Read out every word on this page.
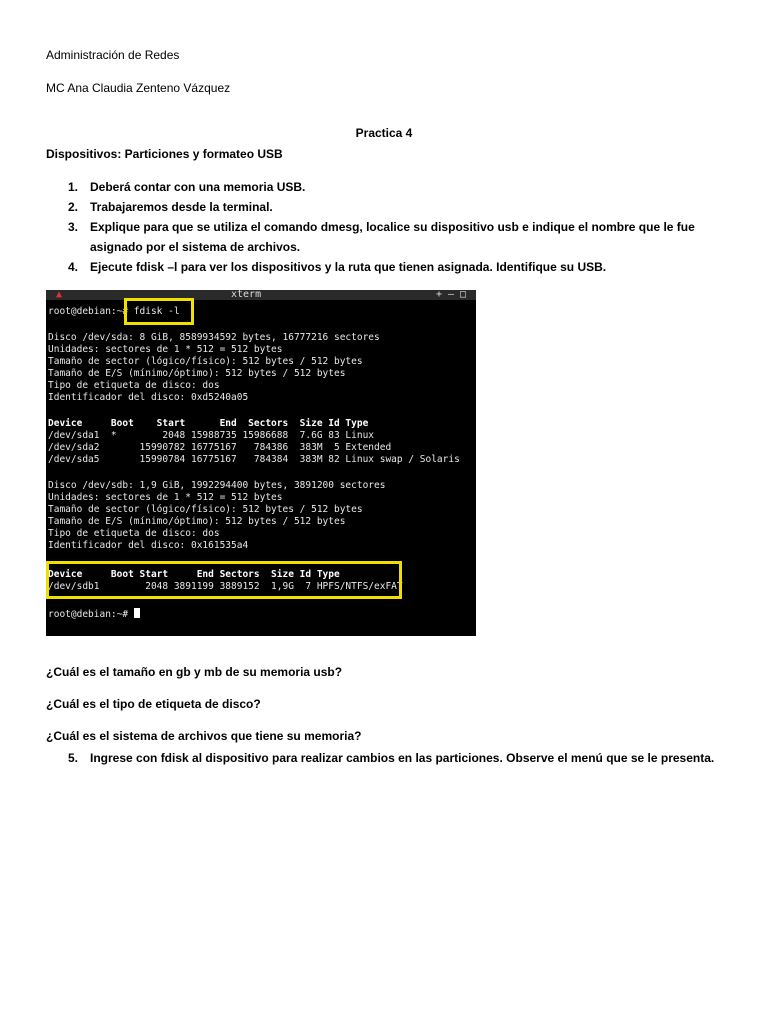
Administración de Redes

MC Ana Claudia Zenteno Vázquez

Practica 4

Dispositivos: Particiones y formateo USB

1. Deberá contar con una memoria USB.
2. Trabajaremos desde la terminal.
3. Explique para que se utiliza el comando dmesg, localice su dispositivo usb e indique el nombre que le fue
asignado por el sistema de archivos.
4. Ejecute fdisk –l para ver los dispositivos y la ruta que tienen asignada. Identifique su USB.
▲	xterm	+–□
root@debian:~# fdisk -l
Disco /dev/sda: 8 GiB, 8589934592 bytes, 16777216 sectores
Unidades: sectores de 1 * 512 = 512 bytes
Tamaño de sector (lógico/físico): 512 bytes / 512 bytes
Tamaño de E/S (mínimo/óptimo): 512 bytes / 512 bytes
Tipo de etiqueta de disco: dos
Identificador del disco: 0xd5240a05
Device     Boot    Start      End  Sectors  Size Id Type
/dev/sda1  *        2048 15988735 15986688  7.6G 83 Linux
/dev/sda2       15990782 16775167   784386  383M  5 Extended
/dev/sda5       15990784 16775167   784384  383M 82 Linux swap / Solaris
Disco /dev/sdb: 1,9 GiB, 1992294400 bytes, 3891200 sectores
Unidades: sectores de 1 * 512 = 512 bytes
Tamaño de sector (lógico/físico): 512 bytes / 512 bytes
Tamaño de E/S (mínimo/óptimo): 512 bytes / 512 bytes
Tipo de etiqueta de disco: dos
Identificador del disco: 0x161535a4
Device     Boot Start     End Sectors  Size Id Type
/dev/sdb1        2048 3891199 3889152  1,9G  7 HPFS/NTFS/exFAT
root@debian:~#

¿Cuál es el tamaño en gb y mb de su memoria usb?

¿Cuál es el tipo de etiqueta de disco?

¿Cuál es el sistema de archivos que tiene su memoria?

5. Ingrese con fdisk al dispositivo para realizar cambios en las particiones. Observe el menú que se le presenta.
